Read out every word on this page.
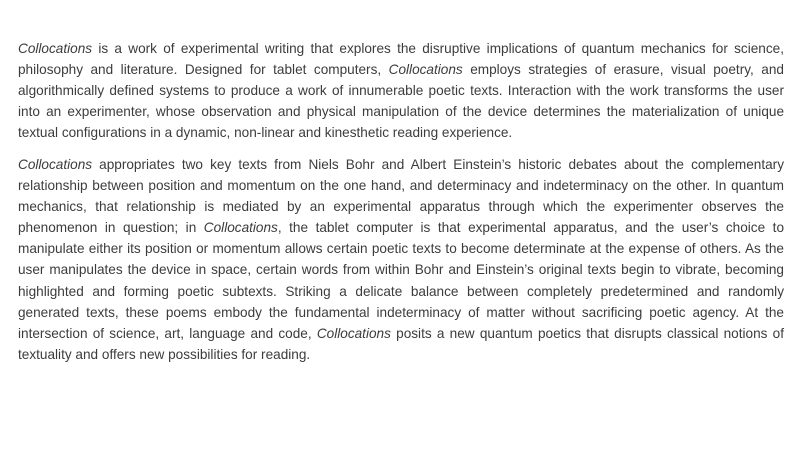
Collocations is a work of experimental writing that explores the disruptive implications of quantum mechanics for science, philosophy and literature. Designed for tablet computers, Collocations employs strategies of erasure, visual poetry, and algorithmically defined systems to produce a work of innumerable poetic texts. Interaction with the work transforms the user into an experimenter, whose observation and physical manipulation of the device determines the materialization of unique textual configurations in a dynamic, non-linear and kinesthetic reading experience.

Collocations appropriates two key texts from Niels Bohr and Albert Einstein’s historic debates about the complementary relationship between position and momentum on the one hand, and determinacy and indeterminacy on the other. In quantum mechanics, that relationship is mediated by an experimental apparatus through which the experimenter observes the phenomenon in question; in Collocations, the tablet computer is that experimental apparatus, and the user’s choice to manipulate either its position or momentum allows certain poetic texts to become determinate at the expense of others. As the user manipulates the device in space, certain words from within Bohr and Einstein’s original texts begin to vibrate, becoming highlighted and forming poetic subtexts. Striking a delicate balance between completely predetermined and randomly generated texts, these poems embody the fundamental indeterminacy of matter without sacrificing poetic agency. At the intersection of science, art, language and code, Collocations posits a new quantum poetics that disrupts classical notions of textuality and offers new possibilities for reading.
